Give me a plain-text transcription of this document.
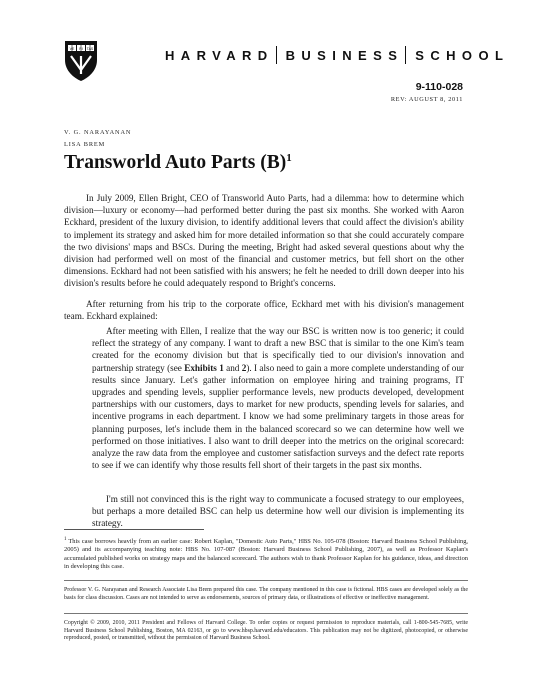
VE RI TAS	HARVARD BUSINESS SCHOOL
9-110-028
REV: AUGUST 8, 2011
V. G. NARAYANAN
LISA BREM
Transworld Auto Parts $(B)^1$

In July 2009, Ellen Bright, CEO of Transworld Auto Parts, had a dilemma: how to determine which division—luxury or economy—had performed better during the past six months. She worked with Aaron Eckhard, president of the luxury division, to identify additional levers that could affect the division's ability to implement its strategy and asked him for more detailed information so that she could accurately compare the two divisions' maps and BSCs. During the meeting, Bright had asked several questions about why the division had performed well on most of the financial and customer metrics, but fell short on the other dimensions. Eckhard had not been satisfied with his answers; he felt he needed to drill down deeper into his division's results before he could adequately respond to Bright's concerns.

After returning from his trip to the corporate office, Eckhard met with his division's management team. Eckhard explained:

After meeting with Ellen, I realize that the way our BSC is written now is too generic; it could reflect the strategy of any company. I want to draft a new BSC that is similar to the one Kim's team created for the economy division but that is specifically tied to our division's innovation and partnership strategy (see Exhibits 1 and 2). I also need to gain a more complete understanding of our results since January. Let's gather information on employee hiring and training programs, IT upgrades and spending levels, supplier performance levels, new products developed, development partnerships with our customers, days to market for new products, spending levels for salaries, and incentive programs in each department. I know we had some preliminary targets in those areas for planning purposes, let's include them in the balanced scorecard so we can determine how well we performed on those initiatives. I also want to drill deeper into the metrics on the original scorecard: analyze the raw data from the employee and customer satisfaction surveys and the defect rate reports to see if we can identify why those results fell short of their targets in the past six months.

I'm still not convinced this is the right way to communicate a focused strategy to our employees, but perhaps a more detailed BSC can help us determine how well our division is implementing its strategy.

$^1$ This case borrows heavily from an earlier case: Robert Kaplan, "Domestic Auto Parts," HBS No. 105-078 (Boston: Harvard Business School Publishing, 2005) and its accompanying teaching note: HBS No. 107-087 (Boston: Harvard Business School Publishing, 2007), as well as Professor Kaplan's accumulated published works on strategy maps and the balanced scorecard. The authors wish to thank Professor Kaplan for his guidance, ideas, and direction in developing this case.

Professor V. G. Narayanan and Research Associate Lisa Brem prepared this case. The company mentioned in this case is fictional. HBS cases are developed solely as the basis for class discussion. Cases are not intended to serve as endorsements, sources of primary data, or illustrations of effective or ineffective management.

Copyright © 2009, 2010, 2011 President and Fellows of Harvard College. To order copies or request permission to reproduce materials, call 1-800-545-7685, write Harvard Business School Publishing, Boston, MA 02163, or go to www.hbsp.harvard.edu/educators. This publication may not be digitized, photocopied, or otherwise reproduced, posted, or transmitted, without the permission of Harvard Business School.
